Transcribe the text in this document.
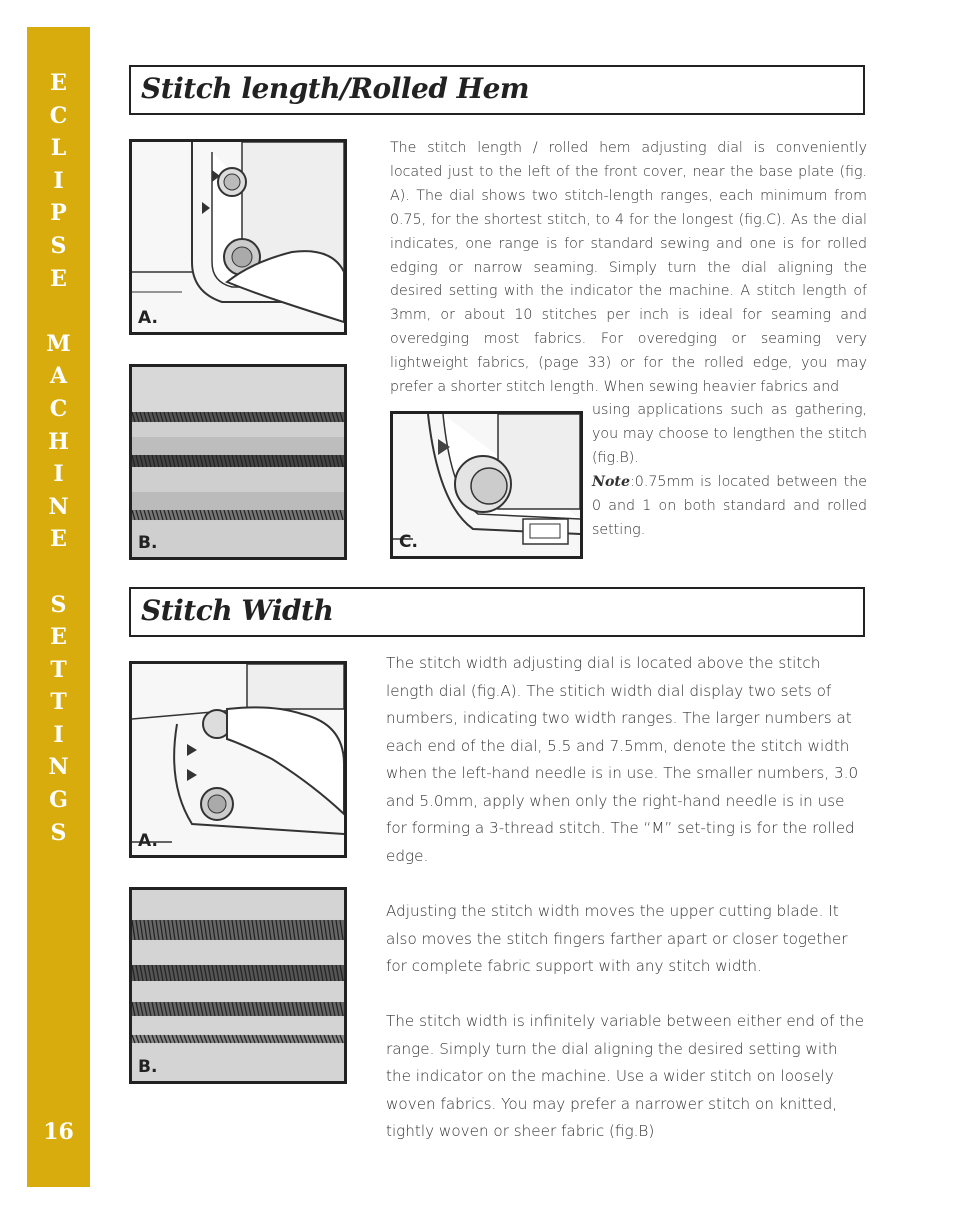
E
C
L
I
P
S
E
M
A
C
H
I
N
E
S
E
T
T
I
N
G
S
16
Stitch length/Rolled Hem
A.
B.	C.

The stitch length / rolled hem adjusting dial is conveniently located just to the left of the front cover, near the base plate (fig. A). The dial shows two stitch-length ranges, each minimum from 0.75, for the shortest stitch, to 4 for the longest (fig.C). As the dial indicates, one range is for standard sewing and one is for rolled edging or narrow seaming. Simply turn the dial aligning the desired setting with the indicator the machine. A stitch length of 3mm, or about 10 stitches per inch is ideal for seaming and overedging most fabrics. For overedging or seaming very lightweight fabrics, (page 33) or for the rolled edge, you may prefer a shorter stitch length. When sewing heavier fabrics and

using applications such as gathering, you may choose to lengthen the stitch (fig.B).
Note:0.75mm is located between the 0 and 1 on both standard and rolled setting.

Stitch Width
A.
B.

The stitch width adjusting dial is located above the stitch length dial (fig.A). The stitich width dial display two sets of numbers, indicating two width ranges. The larger numbers at each end of the dial, 5.5 and 7.5mm, denote the stitch width when the left-hand needle is in use. The smaller numbers, 3.0 and 5.0mm, apply when only the right-hand needle is in use for forming a 3-thread stitch. The “M” set-ting is for the rolled edge.

Adjusting the stitch width moves the upper cutting blade. It also moves the stitch fingers farther apart or closer together for complete fabric support with any stitch width.

The stitch width is infinitely variable between either end of the range. Simply turn the dial aligning the desired setting with the indicator on the machine. Use a wider stitch on loosely woven fabrics. You may prefer a narrower stitch on knitted, tightly woven or sheer fabric (fig.B)
